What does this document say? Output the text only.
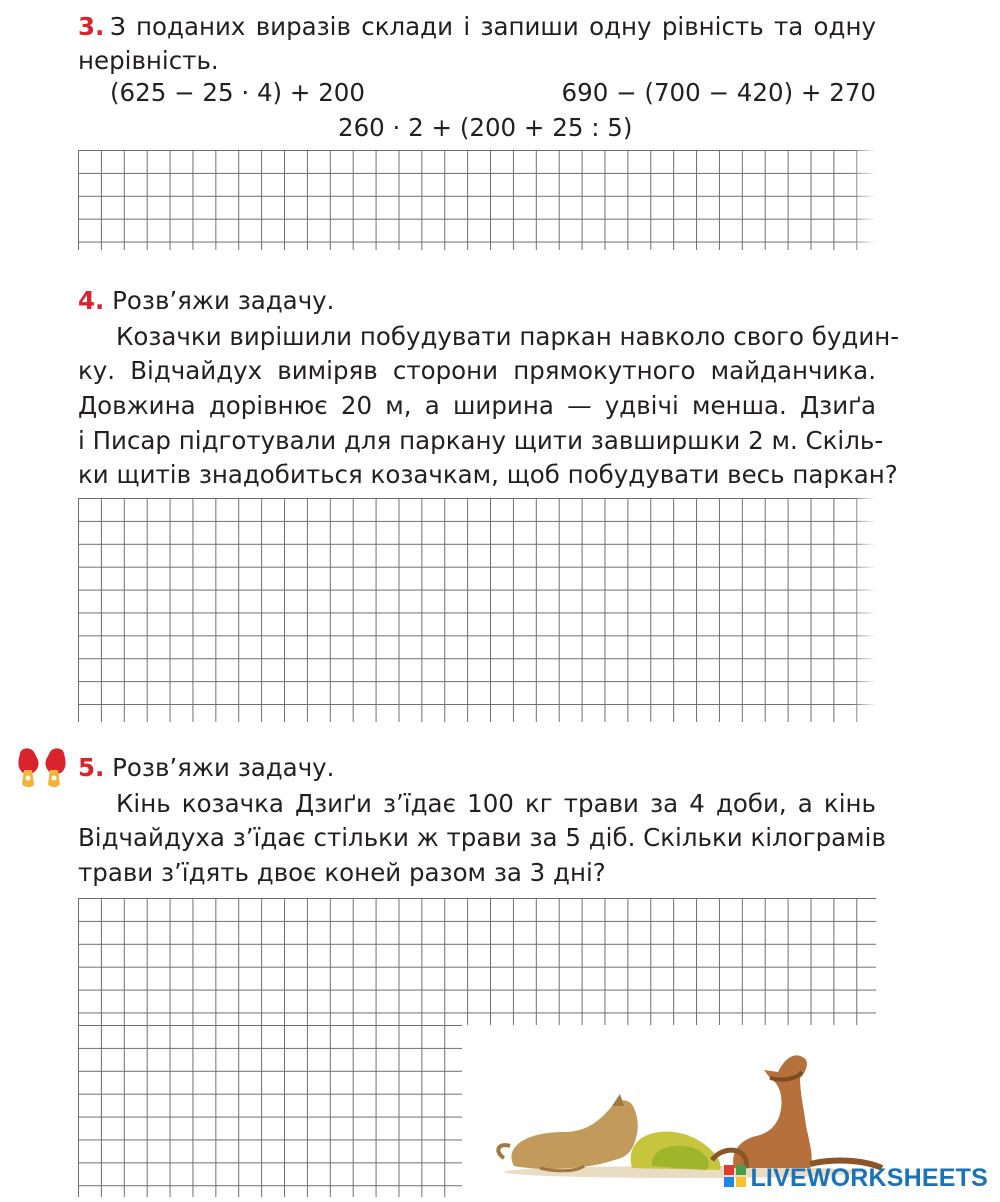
3. З поданих виразів склади і запиши одну рівність та одну
нерівність.
(625 − 25 · 4) + 200	690 − (700 − 420) + 270
260 · 2 + (200 + 25 : 5)
4. Розв’яжи задачу.
Козачки вирішили побудувати паркан навколо свого будин-
ку. Відчайдух виміряв сторони прямокутного майданчика.
Довжина дорівнює 20 м, а ширина — удвічі менша. Дзиґа
і Писар підготували для паркану щити завширшки 2 м. Скіль-
ки щитів знадобиться козачкам, щоб побудувати весь паркан?
5. Розв’яжи задачу.
Кінь козачка Дзиґи з’їдає 100 кг трави за 4 доби, а кінь
Відчайдуха з’їдає стільки ж трави за 5 діб. Скільки кілограмів
трави з’їдять двоє коней разом за 3 дні?
LIVEWORKSHEETS
